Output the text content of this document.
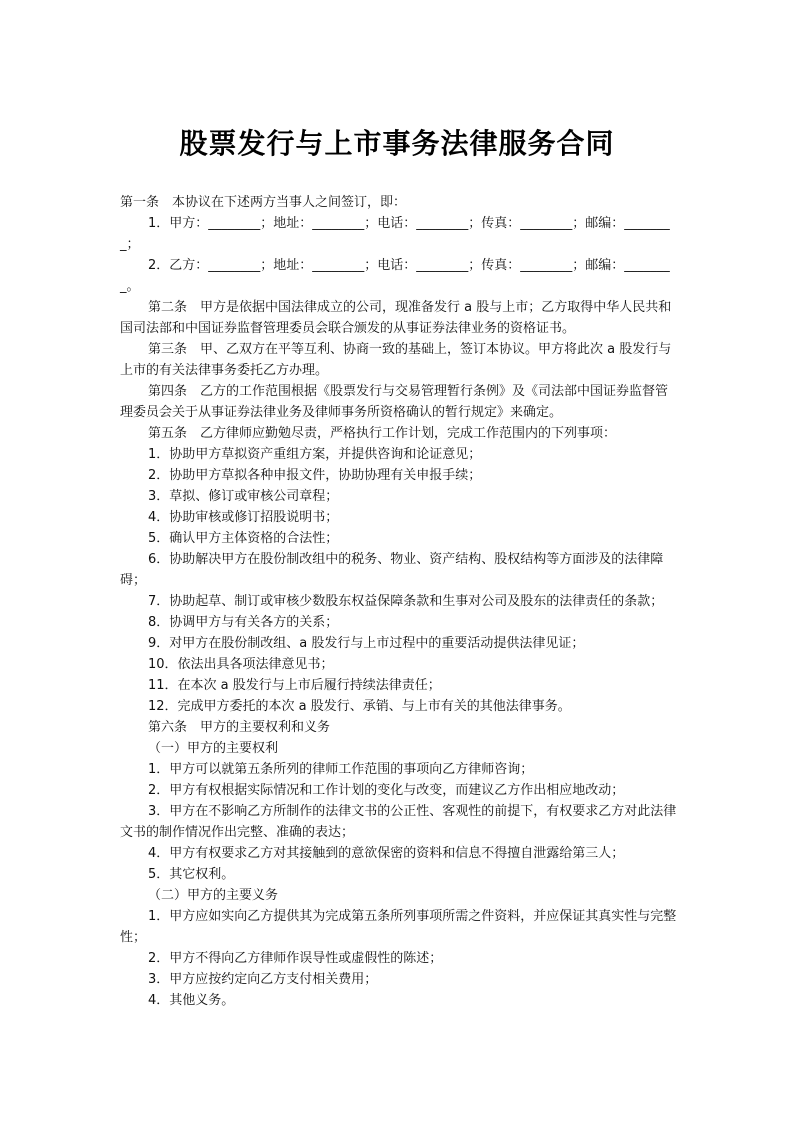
股票发行与上市事务法律服务合同

第一条　本协议在下述两方当事人之间签订，即：

1．甲方：________；地址：________；电话：________；传真：________；邮编：________；

2．乙方：________；地址：________；电话：________；传真：________；邮编：________。

第二条　甲方是依据中国法律成立的公司，现准备发行 a 股与上市；乙方取得中华人民共和国司法部和中国证券监督管理委员会联合颁发的从事证券法律业务的资格证书。

第三条　甲、乙双方在平等互利、协商一致的基础上，签订本协议。甲方将此次 a 股发行与上市的有关法律事务委托乙方办理。

第四条　乙方的工作范围根据《股票发行与交易管理暂行条例》及《司法部中国证券监督管理委员会关于从事证券法律业务及律师事务所资格确认的暂行规定》来确定。

第五条　乙方律师应勤勉尽责，严格执行工作计划，完成工作范围内的下列事项：

1．协助甲方草拟资产重组方案，并提供咨询和论证意见；

2．协助甲方草拟各种申报文件，协助协理有关申报手续；

3．草拟、修订或审核公司章程；

4．协助审核或修订招股说明书；

5．确认甲方主体资格的合法性；

6．协助解决甲方在股份制改组中的税务、物业、资产结构、股权结构等方面涉及的法律障碍；

7．协助起草、制订或审核少数股东权益保障条款和生事对公司及股东的法律责任的条款；

8．协调甲方与有关各方的关系；

9．对甲方在股份制改组、a 股发行与上市过程中的重要活动提供法律见证；

10．依法出具各项法律意见书；

11．在本次 a 股发行与上市后履行持续法律责任；

12．完成甲方委托的本次 a 股发行、承销、与上市有关的其他法律事务。

第六条　甲方的主要权利和义务

（一）甲方的主要权利

1．甲方可以就第五条所列的律师工作范围的事项向乙方律师咨询；

2．甲方有权根据实际情况和工作计划的变化与改变，而建议乙方作出相应地改动；

3．甲方在不影响乙方所制作的法律文书的公正性、客观性的前提下，有权要求乙方对此法律文书的制作情况作出完整、准确的表达；

4．甲方有权要求乙方对其接触到的意欲保密的资料和信息不得擅自泄露给第三人；

5．其它权利。

（二）甲方的主要义务

1．甲方应如实向乙方提供其为完成第五条所列事项所需之件资料，并应保证其真实性与完整性；

2．甲方不得向乙方律师作误导性或虚假性的陈述；

3．甲方应按约定向乙方支付相关费用；

4．其他义务。
